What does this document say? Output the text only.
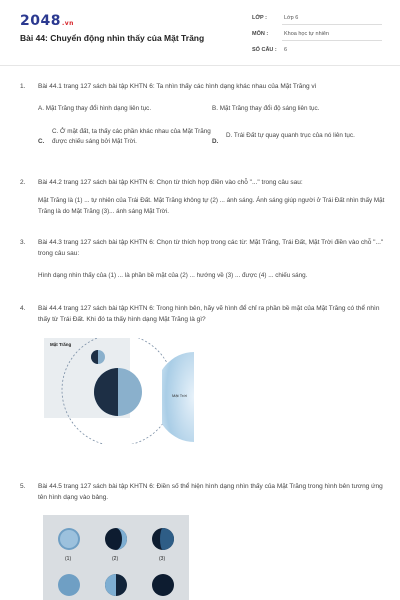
2048.vn
Bài 44: Chuyển động nhìn thấy của Mặt Trăng
LỚP :	Lớp 6
MÔN :	Khoa học tự nhiên
SỐ CÂU : 6
1. Bài 44.1 trang 127 sách bài tập KHTN 6: Ta nhìn thấy các hình dạng khác nhau của Mặt Trăng vì
A. Mặt Trăng thay đổi hình dạng liên tục.	B. Mặt Trăng thay đổi độ sáng liên tục.
C.
C. Ở mặt đất, ta thấy các phần khác nhau của Mặt Trăng được chiếu sáng bởi Mặt Trời.	D.
D. Trái Đất tự quay quanh trục của nó liên tục.
2. Bài 44.2 trang 127 sách bài tập KHTN 6: Chọn từ thích hợp điền vào chỗ "..." trong câu sau:
Mặt Trăng là (1) ... tự nhiên của Trái Đất. Mặt Trăng không tự (2) ... ánh sáng. Ánh sáng giúp người ở Trái Đất nhìn thấy Mặt Trăng là do Mặt Trăng (3)... ánh sáng Mặt Trời.
3. Bài 44.3 trang 127 sách bài tập KHTN 6: Chọn từ thích hợp trong các từ: Mặt Trăng, Trái Đất, Mặt Trời điền vào chỗ "..." trong câu sau:
Hình dạng nhìn thấy của (1) ... là phần bề mặt của (2) ... hướng về (3) ... được (4) ... chiếu sáng.
4. Bài 44.4 trang 127 sách bài tập KHTN 6: Trong hình bên, hãy vẽ hình để chỉ ra phần bề mặt của Mặt Trăng có thể nhìn thấy từ Trái Đất. Khi đó ta thấy hình dạng Mặt Trăng là gì?
Mặt Trăng
Mặt Trời
5. Bài 44.5 trang 127 sách bài tập KHTN 6: Điền số thể hiện hình dạng nhìn thấy của Mặt Trăng trong hình bên tương ứng tên hình dạng vào bảng.
(1)	(2)	(3)
